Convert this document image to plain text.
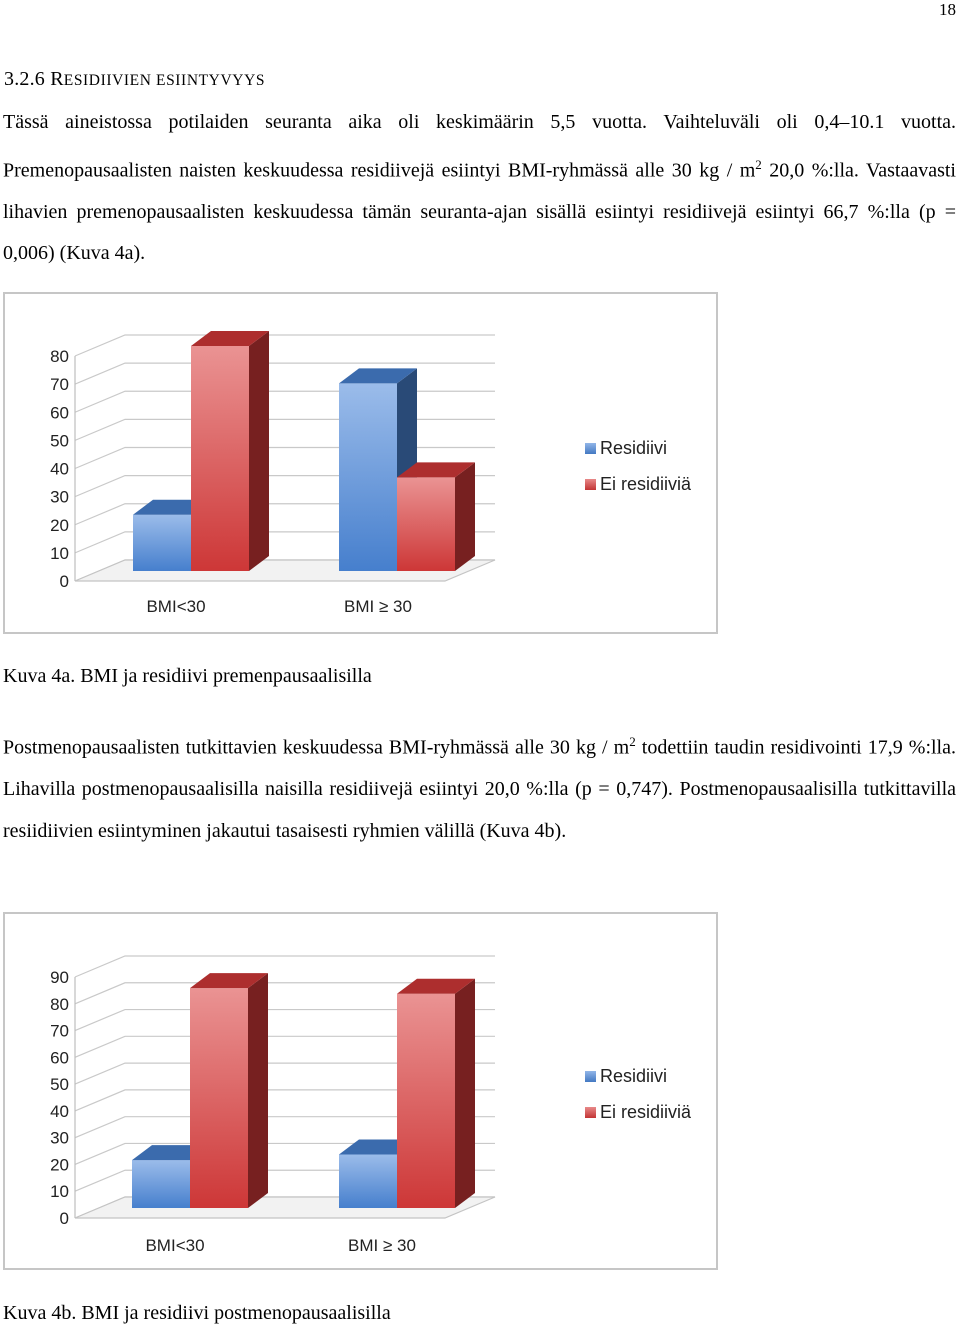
18
3.2.6 RESIDIIVIEN ESIINTYVYYS
Tässä aineistossa potilaiden seuranta aika oli keskimäärin 5,5 vuotta. Vaihteluväli oli 0,4–10.1 vuotta. Premenopausaalisten naisten keskuudessa residiivejä esiintyi BMI-ryhmässä alle 30 kg / $m^2$ 20,0 %:lla. Vastaavasti lihavien premenopausaalisten keskuudessa tämän seuranta-ajan sisällä esiintyi residiivejä esiintyi 66,7 %:lla (p = 0,006) (Kuva 4a).
0
10
20
30
40
50
60
70
80
BMI<30	BMI ≥ 30
Residiivi
Ei residiiviä
Kuva 4a. BMI ja residiivi premenpausaalisilla
Postmenopausaalisten tutkittavien keskuudessa BMI-ryhmässä alle 30 kg / $m^2$ todettiin taudin residivointi 17,9 %:lla. Lihavilla postmenopausaalisilla naisilla residiivejä esiintyi 20,0 %:lla (p = 0,747). Postmenopausaalisilla tutkittavilla resiidiivien esiintyminen jakautui tasaisesti ryhmien välillä (Kuva 4b).
0
10
20
30
40
50
60
70
80
90
BMI<30	BMI ≥ 30
Residiivi
Ei residiiviä
Kuva 4b. BMI ja residiivi postmenopausaalisilla
